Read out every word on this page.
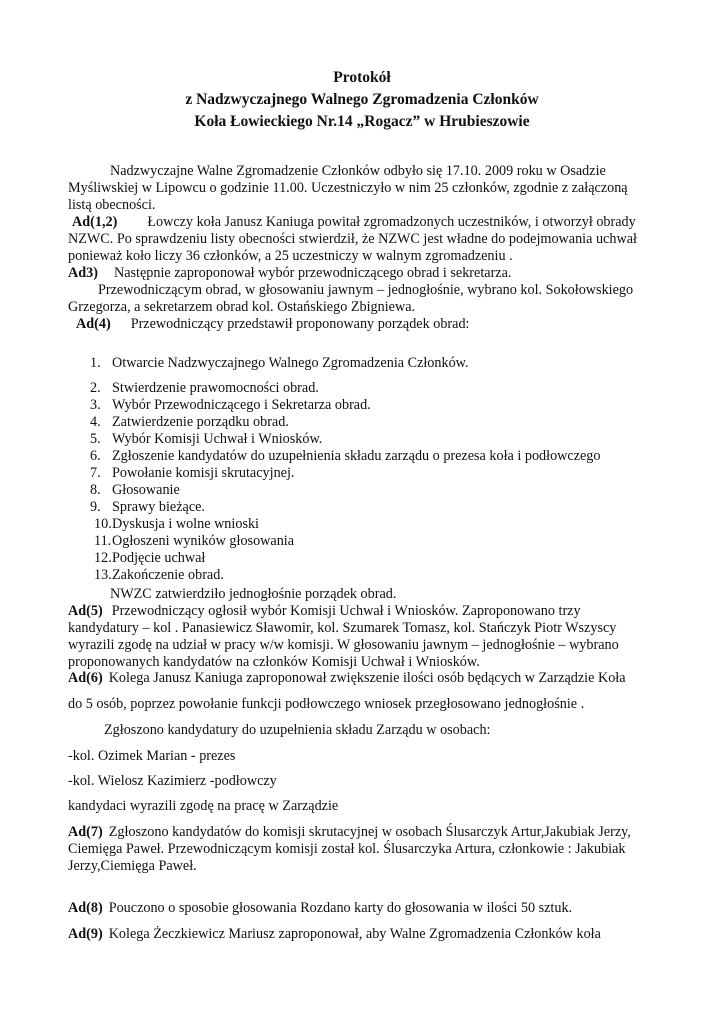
Protokół
z Nadzwyczajnego Walnego Zgromadzenia Członków
Koła Łowieckiego Nr.14 „Rogacz” w Hrubieszowie
Nadzwyczajne Walne Zgromadzenie Członków odbyło się 17.10. 2009 roku w Osadzie
Myśliwskiej w Lipowcu o godzinie 11.00. Uczestniczyło w nim 25 członków, zgodnie z załączoną
listą obecności.
Ad(1,2) Łowczy koła Janusz Kaniuga powitał zgromadzonych uczestników, i otworzył obrady
NZWC. Po sprawdzeniu listy obecności stwierdził, że NZWC jest władne do podejmowania uchwał
ponieważ koło liczy 36 członków, a 25 uczestniczy w walnym zgromadzeniu .
Ad3) Następnie zaproponował wybór przewodniczącego obrad i sekretarza.
Przewodniczącym obrad, w głosowaniu jawnym – jednogłośnie, wybrano kol. Sokołowskiego
Grzegorza, a sekretarzem obrad kol. Ostańskiego Zbigniewa.
Ad(4) Przewodniczący przedstawił proponowany porządek obrad:
1. Otwarcie Nadzwyczajnego Walnego Zgromadzenia Członków.
2. Stwierdzenie prawomocności obrad.
3. Wybór Przewodniczącego i Sekretarza obrad.
4. Zatwierdzenie porządku obrad.
5. Wybór Komisji Uchwał i Wniosków.
6. Zgłoszenie kandydatów do uzupełnienia składu zarządu o prezesa koła i podłowczego
7. Powołanie komisji skrutacyjnej.
8. Głosowanie
9. Sprawy bieżące.
10.Dyskusja i wolne wnioski
11.Ogłoszeni wyników głosowania
12.Podjęcie uchwał
13.Zakończenie obrad.
NWZC zatwierdziło jednogłośnie porządek obrad.
Ad(5) Przewodniczący ogłosił wybór Komisji Uchwał i Wniosków. Zaproponowano trzy
kandydatury – kol . Panasiewicz Sławomir, kol. Szumarek Tomasz, kol. Stańczyk Piotr Wszyscy
wyrazili zgodę na udział w pracy w/w komisji. W głosowaniu jawnym – jednogłośnie – wybrano
proponowanych kandydatów na członków Komisji Uchwał i Wniosków.
Ad(6) Kolega Janusz Kaniuga zaproponował zwiększenie ilości osób będących w Zarządzie Koła
do 5 osób, poprzez powołanie funkcji podłowczego wniosek przegłosowano jednogłośnie .
Zgłoszono kandydatury do uzupełnienia składu Zarządu w osobach:
-kol. Ozimek Marian - prezes
-kol. Wielosz Kazimierz -podłowczy
kandydaci wyrazili zgodę na pracę w Zarządzie
Ad(7) Zgłoszono kandydatów do komisji skrutacyjnej w osobach Ślusarczyk Artur,Jakubiak Jerzy,
Ciemięga Paweł. Przewodniczącym komisji został kol. Ślusarczyka Artura, członkowie : Jakubiak
Jerzy,Ciemięga Paweł.
Ad(8) Pouczono o sposobie głosowania Rozdano karty do głosowania w ilości 50 sztuk.
Ad(9) Kolega Żeczkiewicz Mariusz zaproponował, aby Walne Zgromadzenia Członków koła
